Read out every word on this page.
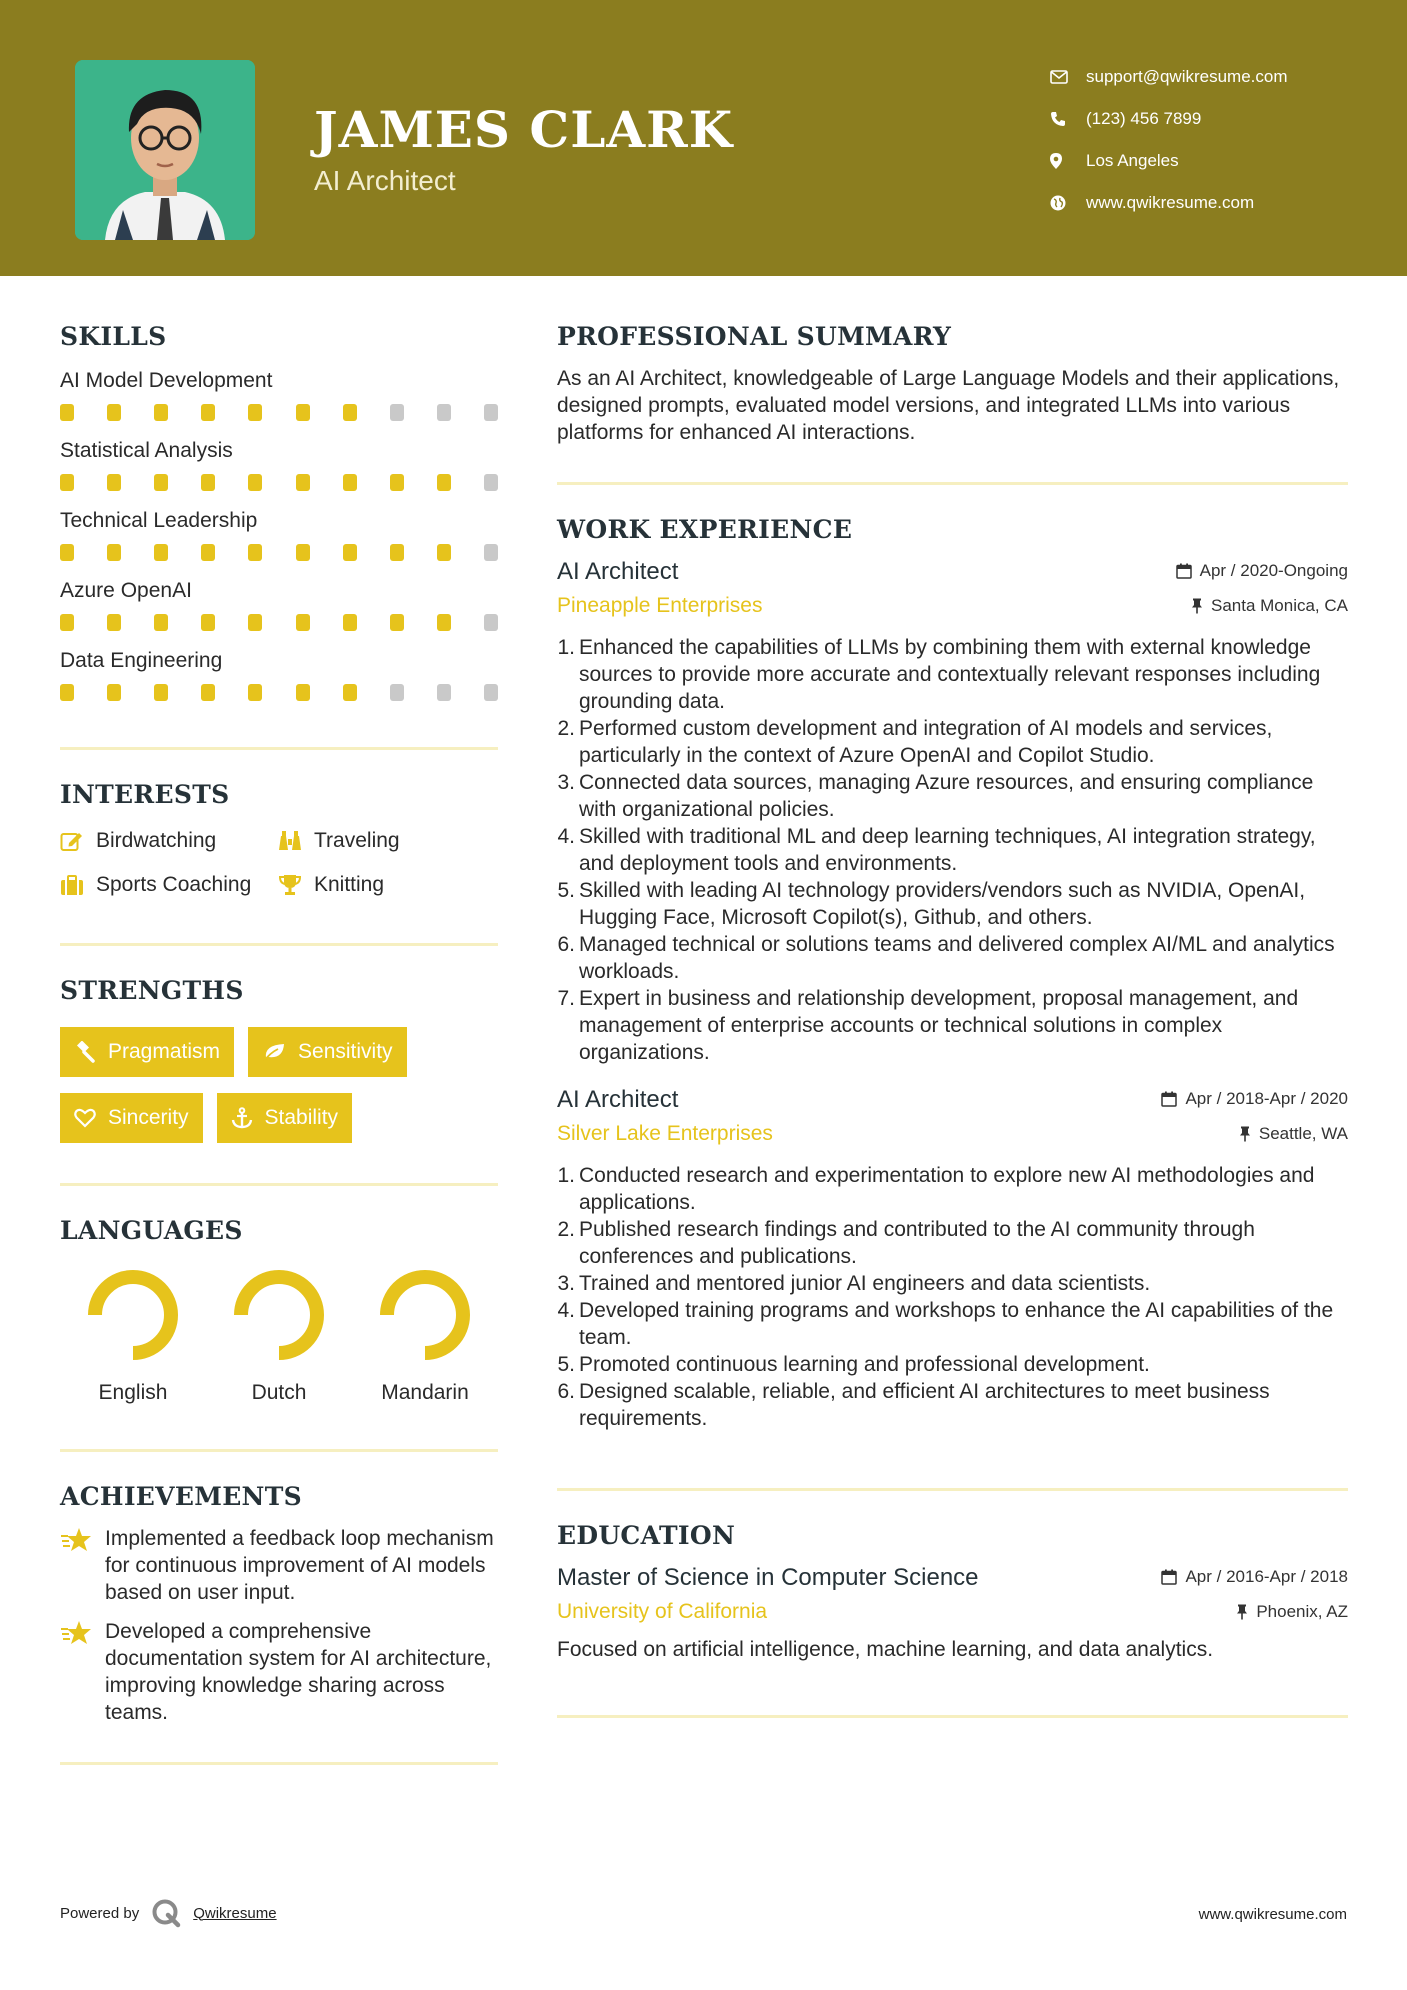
JAMES CLARK
AI Architect
support@qwikresume.com
(123) 456 7899
Los Angeles
www.qwikresume.com
SKILLS
AI Model Development
Statistical Analysis
Technical Leadership
Azure OpenAI
Data Engineering
INTERESTS
Birdwatching	Traveling
Sports Coaching	Knitting
STRENGTHS
Pragmatism	Sensitivity
Sincerity	Stability
LANGUAGES
English	Dutch	Mandarin
ACHIEVEMENTS
Implemented a feedback loop mechanism for continuous improvement of AI models based on user input.
Developed a comprehensive documentation system for AI architecture, improving knowledge sharing across teams.
PROFESSIONAL SUMMARY
As an AI Architect, knowledgeable of Large Language Models and their applications, designed prompts, evaluated model versions, and integrated LLMs into various platforms for enhanced AI interactions.
WORK EXPERIENCE
AI Architect	Apr / 2020-Ongoing
Pineapple Enterprises	Santa Monica, CA
1. Enhanced the capabilities of LLMs by combining them with external knowledge sources to provide more accurate and contextually relevant responses including grounding data.
2. Performed custom development and integration of AI models and services, particularly in the context of Azure OpenAI and Copilot Studio.
3. Connected data sources, managing Azure resources, and ensuring compliance with organizational policies.
4. Skilled with traditional ML and deep learning techniques, AI integration strategy, and deployment tools and environments.
5. Skilled with leading AI technology providers/vendors such as NVIDIA, OpenAI, Hugging Face, Microsoft Copilot(s), Github, and others.
6. Managed technical or solutions teams and delivered complex AI/ML and analytics workloads.
7. Expert in business and relationship development, proposal management, and management of enterprise accounts or technical solutions in complex organizations.
AI Architect	Apr / 2018-Apr / 2020
Silver Lake Enterprises	Seattle, WA
1. Conducted research and experimentation to explore new AI methodologies and applications.
2. Published research findings and contributed to the AI community through conferences and publications.
3. Trained and mentored junior AI engineers and data scientists.
4. Developed training programs and workshops to enhance the AI capabilities of the team.
5. Promoted continuous learning and professional development.
6. Designed scalable, reliable, and efficient AI architectures to meet business requirements.
EDUCATION
Master of Science in Computer Science	Apr / 2016-Apr / 2018
University of California	Phoenix, AZ
Focused on artificial intelligence, machine learning, and data analytics.
Powered by	Qwikresume	www.qwikresume.com
